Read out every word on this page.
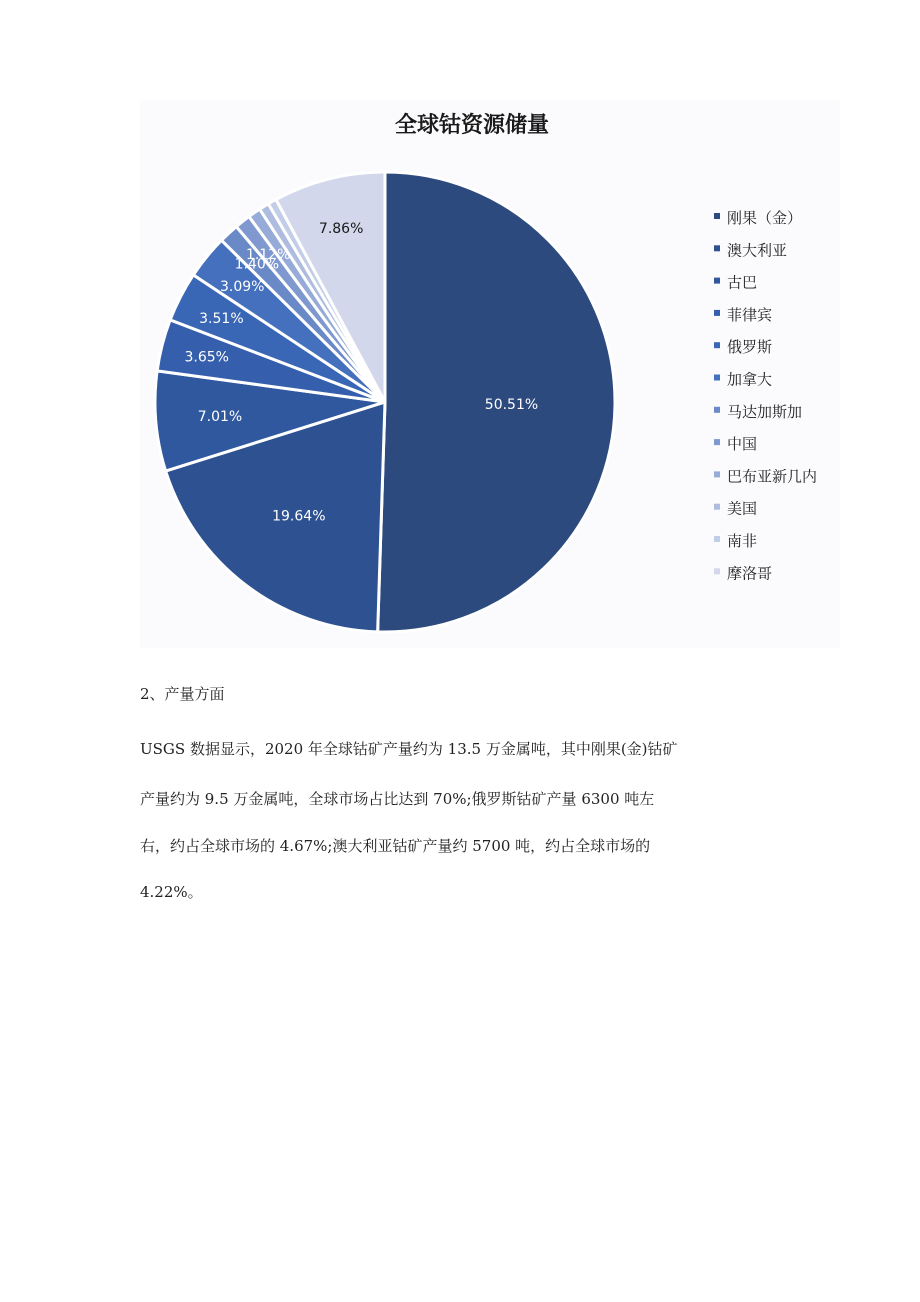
全球钴资源储量
50.51%
19.64%
7.01%
3.65%
3.51%
3.09%
1.40%
1.12%
7.86%
刚果（金）
澳大利亚
古巴
菲律宾
俄罗斯
加拿大
马达加斯加
中国
巴布亚新几内
美国
南非
摩洛哥

2、产量方面

USGS 数据显示，2020 年全球钴矿产量约为 13.5 万金属吨，其中刚果(金)钴矿

产量约为 9.5 万金属吨，全球市场占比达到 70%;俄罗斯钴矿产量 6300 吨左

右，约占全球市场的 4.67%;澳大利亚钴矿产量约 5700 吨，约占全球市场的

4.22%。
